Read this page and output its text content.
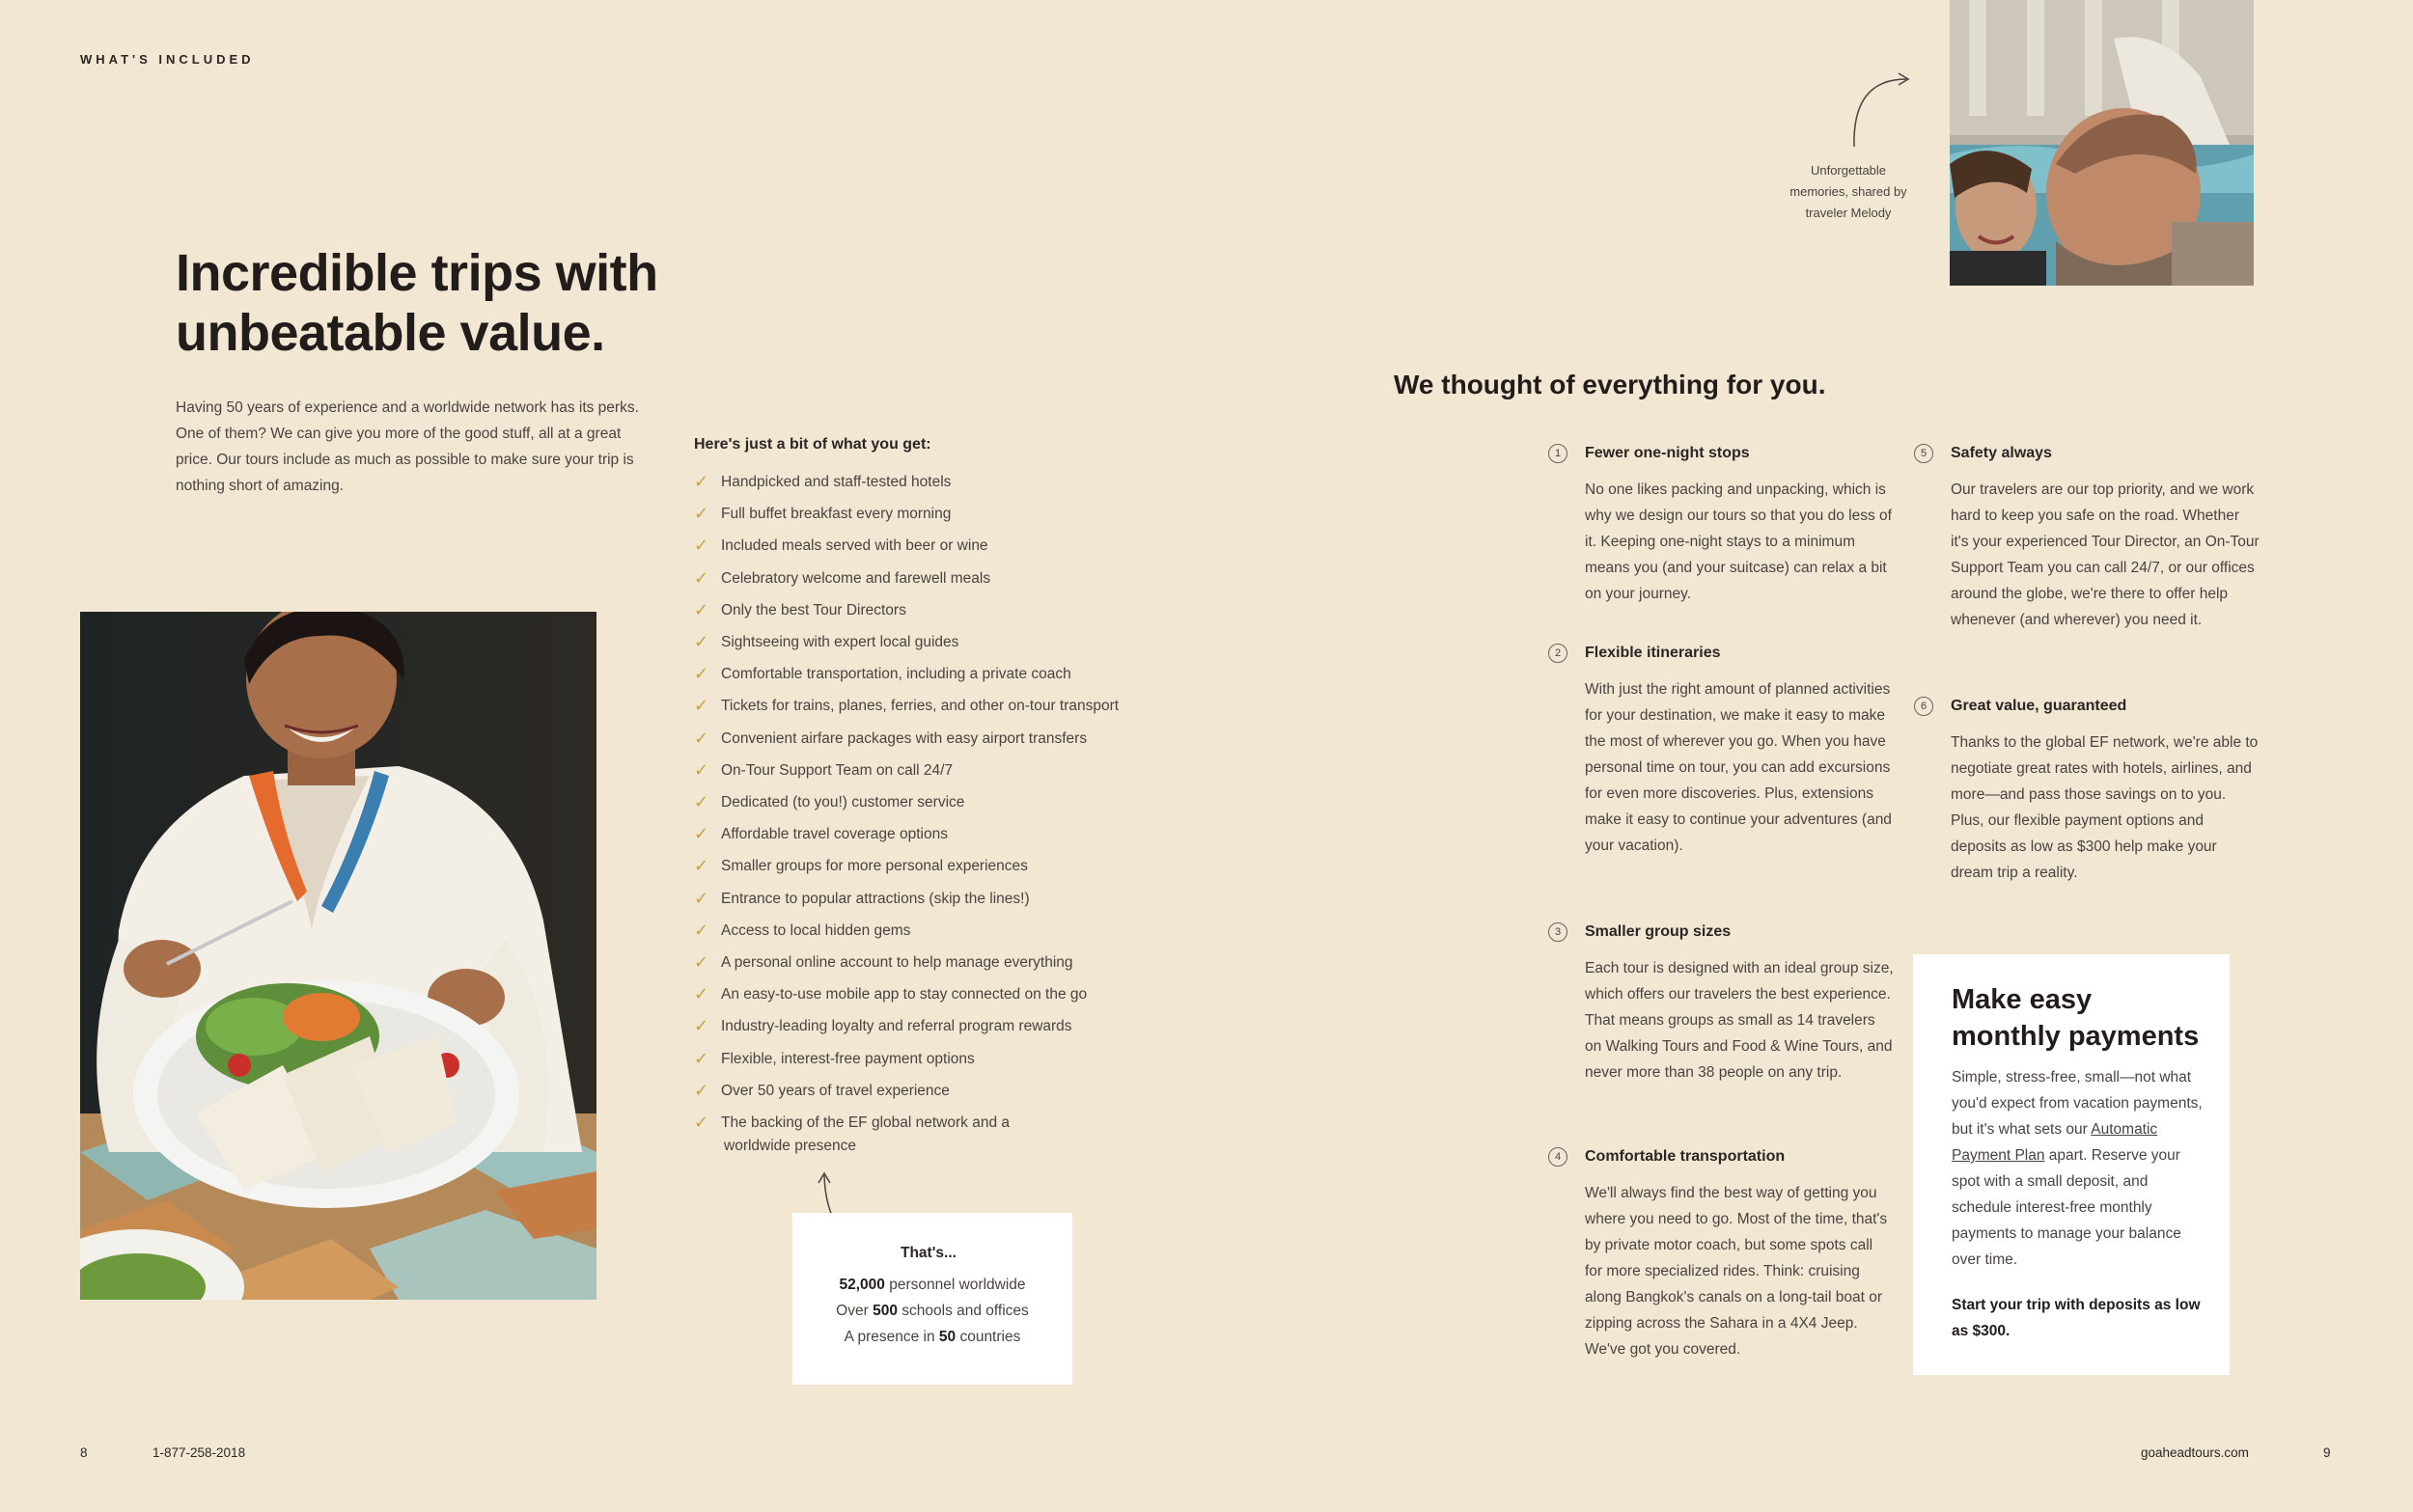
WHAT'S INCLUDED
Incredible trips with
unbeatable value.

Having 50 years of experience and a worldwide network has its perks. One of them? We can give you more of the good stuff, all at a great price. Our tours include as much as possible to make sure your trip is nothing short of amazing.

Here's just a bit of what you get:
✓ Handpicked and staff-tested hotels
✓ Full buffet breakfast every morning
✓ Included meals served with beer or wine
✓ Celebratory welcome and farewell meals
✓ Only the best Tour Directors
✓ Sightseeing with expert local guides
✓ Comfortable transportation, including a private coach
✓ Tickets for trains, planes, ferries, and other on-tour transport
✓ Convenient airfare packages with easy airport transfers
✓ On-Tour Support Team on call 24/7
✓ Dedicated (to you!) customer service
✓ Affordable travel coverage options
✓ Smaller groups for more personal experiences
✓ Entrance to popular attractions (skip the lines!)
✓ Access to local hidden gems
✓ A personal online account to help manage everything
✓ An easy-to-use mobile app to stay connected on the go
✓ Industry-leading loyalty and referral program rewards
✓ Flexible, interest-free payment options
✓ Over 50 years of travel experience
✓ The backing of the EF global network and a
worldwide presence
That's...
52,000 personnel worldwide
Over 500 schools and offices
A presence in 50 countries
Unforgettable
memories, shared by
traveler Melody
We thought of everything for you.
1	Fewer one-night stops
No one likes packing and unpacking, which is why we design our tours so that you do less of it. Keeping one-night stays to a minimum means you (and your suitcase) can relax a bit on your journey.
2	Flexible itineraries
With just the right amount of planned activities for your destination, we make it easy to make the most of wherever you go. When you have personal time on tour, you can add excursions for even more discoveries. Plus, extensions make it easy to continue your adventures (and your vacation).
3	Smaller group sizes
Each tour is designed with an ideal group size, which offers our travelers the best experience. That means groups as small as 14 travelers on Walking Tours and Food & Wine Tours, and never more than 38 people on any trip.
4	Comfortable transportation
We'll always find the best way of getting you where you need to go. Most of the time, that's by private motor coach, but some spots call for more specialized rides. Think: cruising along Bangkok's canals on a long-tail boat or zipping across the Sahara in a 4X4 Jeep. We've got you covered.
5	Safety always
Our travelers are our top priority, and we work hard to keep you safe on the road. Whether it's your experienced Tour Director, an On-Tour Support Team you can call 24/7, or our offices around the globe, we're there to offer help whenever (and wherever) you need it.
6	Great value, guaranteed
Thanks to the global EF network, we're able to negotiate great rates with hotels, airlines, and more—and pass those savings on to you. Plus, our flexible payment options and deposits as low as $300 help make your dream trip a reality.
Make easy monthly payments
Simple, stress-free, small—not what you'd expect from vacation payments, but it's what sets our Automatic Payment Plan apart. Reserve your spot with a small deposit, and schedule interest-free monthly payments to manage your balance over time.
Start your trip with deposits as low as $300.
8	1-877-258-2018	goaheadtours.com	9
